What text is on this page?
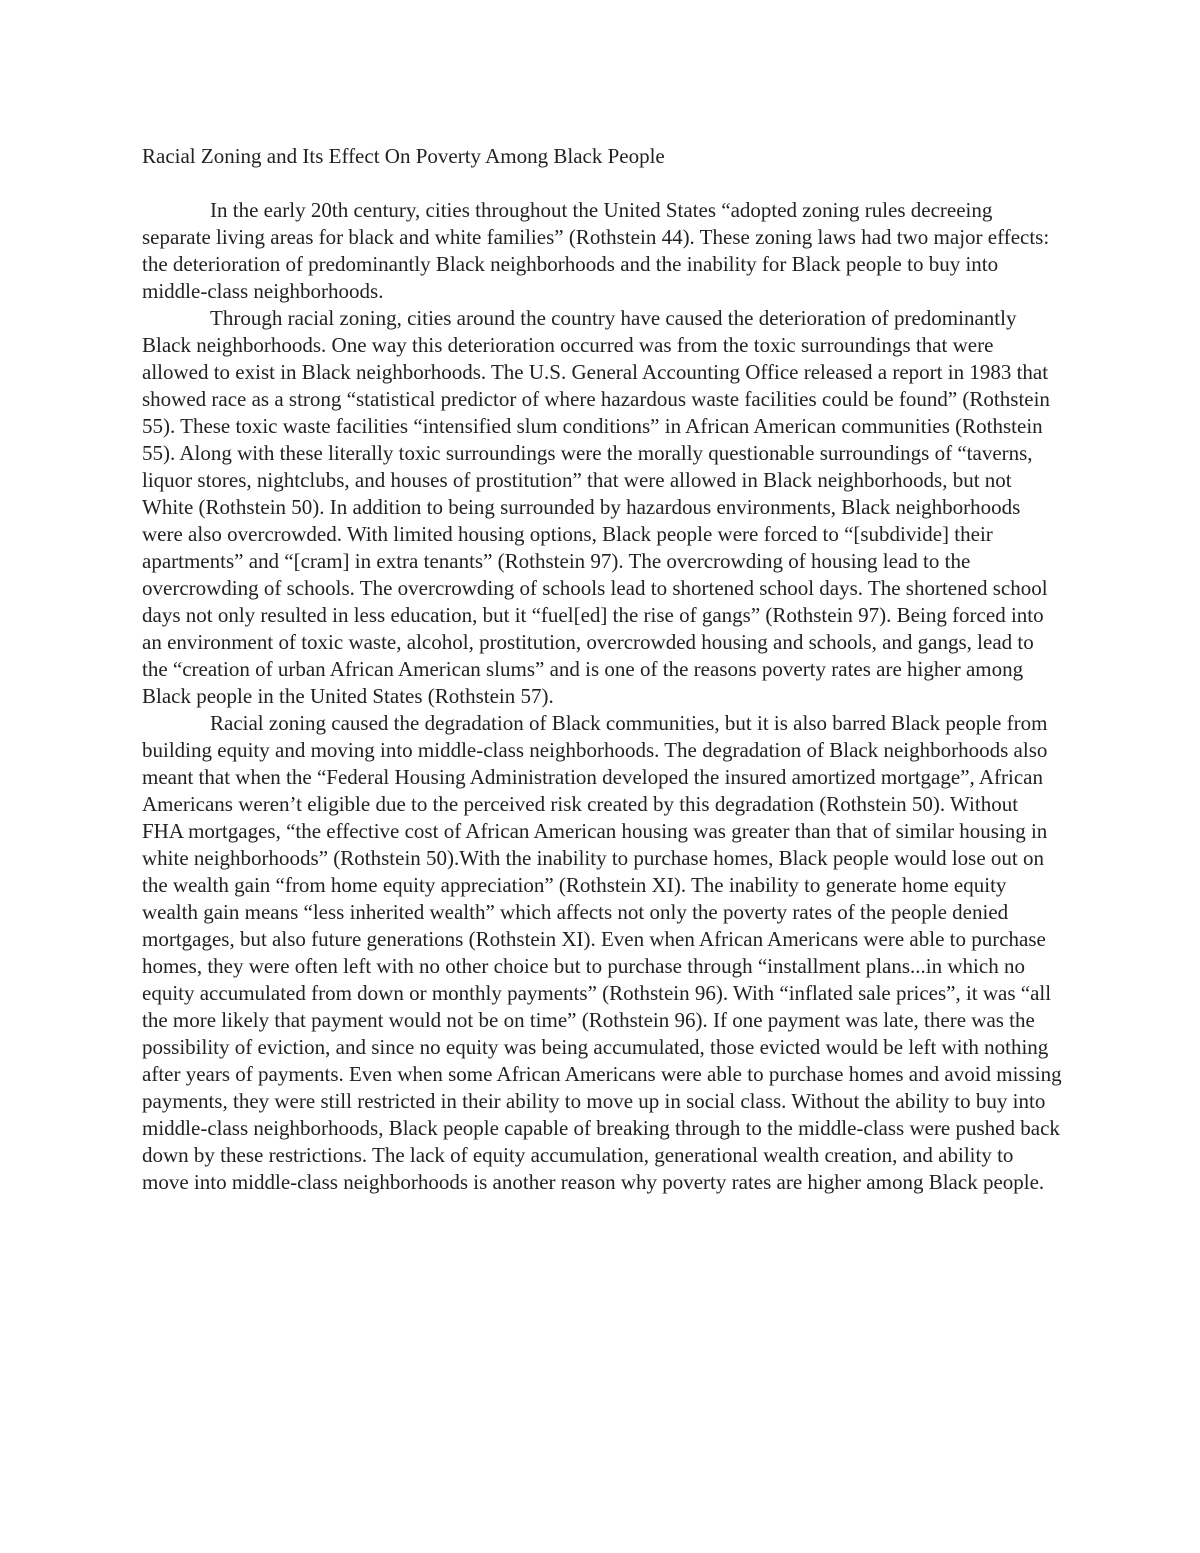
Racial Zoning and Its Effect On Poverty Among Black People

In the early 20th century, cities throughout the United States “adopted zoning rules decreeing separate living areas for black and white families” (Rothstein 44). These zoning laws had two major effects: the deterioration of predominantly Black neighborhoods and the inability for Black people to buy into middle-class neighborhoods.

Through racial zoning, cities around the country have caused the deterioration of predominantly Black neighborhoods. One way this deterioration occurred was from the toxic surroundings that were allowed to exist in Black neighborhoods. The U.S. General Accounting Office released a report in 1983 that showed race as a strong “statistical predictor of where hazardous waste facilities could be found” (Rothstein 55). These toxic waste facilities “intensified slum conditions” in African American communities (Rothstein 55). Along with these literally toxic surroundings were the morally questionable surroundings of “taverns, liquor stores, nightclubs, and houses of prostitution” that were allowed in Black neighborhoods, but not White (Rothstein 50). In addition to being surrounded by hazardous environments, Black neighborhoods were also overcrowded. With limited housing options, Black people were forced to “[subdivide] their apartments” and “[cram] in extra tenants” (Rothstein 97). The overcrowding of housing lead to the overcrowding of schools. The overcrowding of schools lead to shortened school days. The shortened school days not only resulted in less education, but it “fuel[ed] the rise of gangs” (Rothstein 97). Being forced into an environment of toxic waste, alcohol, prostitution, overcrowded housing and schools, and gangs, lead to the “creation of urban African American slums” and is one of the reasons poverty rates are higher among Black people in the United States (Rothstein 57).

Racial zoning caused the degradation of Black communities, but it is also barred Black people from building equity and moving into middle-class neighborhoods. The degradation of Black neighborhoods also meant that when the “Federal Housing Administration developed the insured amortized mortgage”, African Americans weren’t eligible due to the perceived risk created by this degradation (Rothstein 50). Without FHA mortgages, “the effective cost of African American housing was greater than that of similar housing in white neighborhoods” (Rothstein 50).With the inability to purchase homes, Black people would lose out on the wealth gain “from home equity appreciation” (Rothstein XI). The inability to generate home equity wealth gain means “less inherited wealth” which affects not only the poverty rates of the people denied mortgages, but also future generations (Rothstein XI). Even when African Americans were able to purchase homes, they were often left with no other choice but to purchase through “installment plans...in which no equity accumulated from down or monthly payments” (Rothstein 96). With “inflated sale prices”, it was “all the more likely that payment would not be on time” (Rothstein 96). If one payment was late, there was the possibility of eviction, and since no equity was being accumulated, those evicted would be left with nothing after years of payments. Even when some African Americans were able to purchase homes and avoid missing payments, they were still restricted in their ability to move up in social class. Without the ability to buy into middle-class neighborhoods, Black people capable of breaking through to the middle-class were pushed back down by these restrictions. The lack of equity accumulation, generational wealth creation, and ability to move into middle-class neighborhoods is another reason why poverty rates are higher among Black people.
